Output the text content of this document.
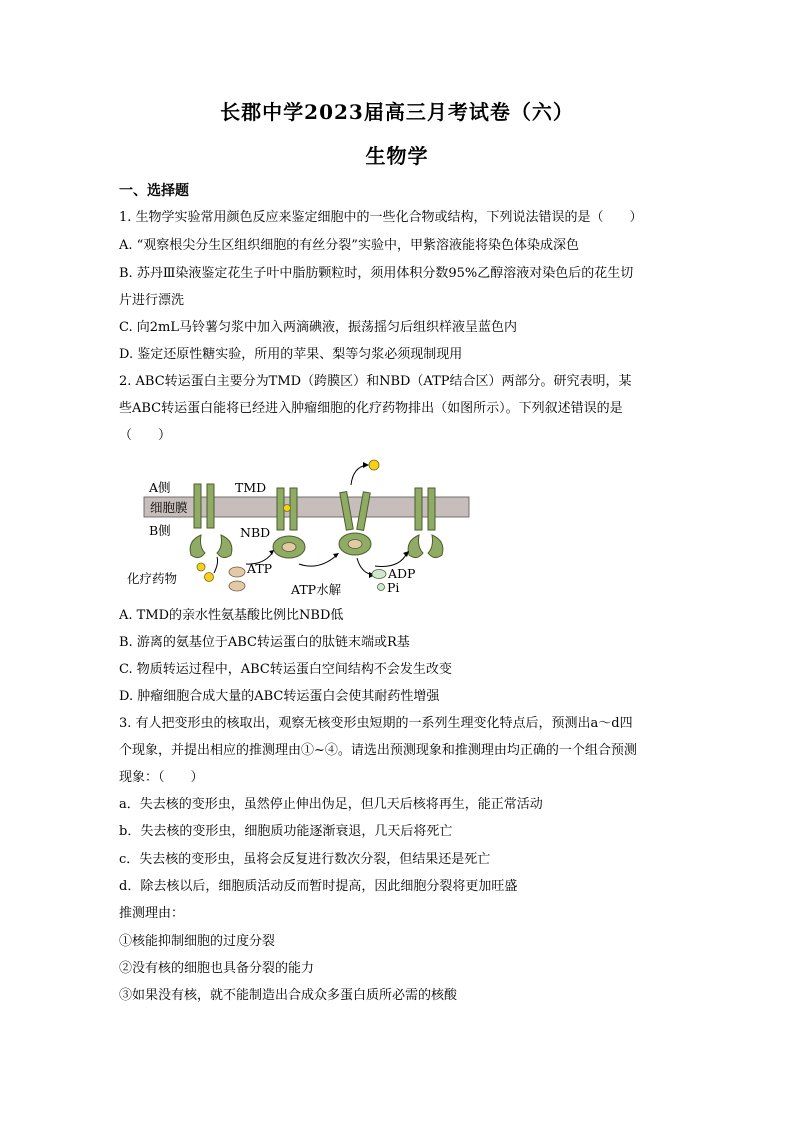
长郡中学2023届高三月考试卷（六）
生物学
一、选择题
1. 生物学实验常用颜色反应来鉴定细胞中的一些化合物或结构，下列说法错误的是（　　）
A. “观察根尖分生区组织细胞的有丝分裂”实验中，甲紫溶液能将染色体染成深色
B. 苏丹Ⅲ染液鉴定花生子叶中脂肪颗粒时，须用体积分数95%乙醇溶液对染色后的花生切
片进行漂洗
C. 向2mL马铃薯匀浆中加入两滴碘液，振荡摇匀后组织样液呈蓝色内
D. 鉴定还原性糖实验，所用的苹果、梨等匀浆必须现制现用
2. ABC转运蛋白主要分为TMD（跨膜区）和NBD（ATP结合区）两部分。研究表明，某
些ABC转运蛋白能将已经进入肿瘤细胞的化疗药物排出（如图所示）。下列叙述错误的是
（　　）
A侧
细胞膜
B侧
TMD
NBD
化疗药物
ATP
ATP水解
ADP
Pi
A. TMD的亲水性氨基酸比例比NBD低
B. 游离的氨基位于ABC转运蛋白的肽链末端或R基
C. 物质转运过程中，ABC转运蛋白空间结构不会发生改变
D. 肿瘤细胞合成大量的ABC转运蛋白会使其耐药性增强
3. 有人把变形虫的核取出，观察无核变形虫短期的一系列生理变化特点后，预测出a～d四
个现象，并提出相应的推测理由①~④。请选出预测现象和推测理由均正确的一个组合预测
现象：（　　）
a．失去核的变形虫，虽然停止伸出伪足，但几天后核将再生，能正常活动
b．失去核的变形虫，细胞质功能逐渐衰退，几天后将死亡
c．失去核的变形虫，虽将会反复进行数次分裂，但结果还是死亡
d．除去核以后，细胞质活动反而暂时提高，因此细胞分裂将更加旺盛
推测理由：
①核能抑制细胞的过度分裂
②没有核的细胞也具备分裂的能力
③如果没有核，就不能制造出合成众多蛋白质所必需的核酸
